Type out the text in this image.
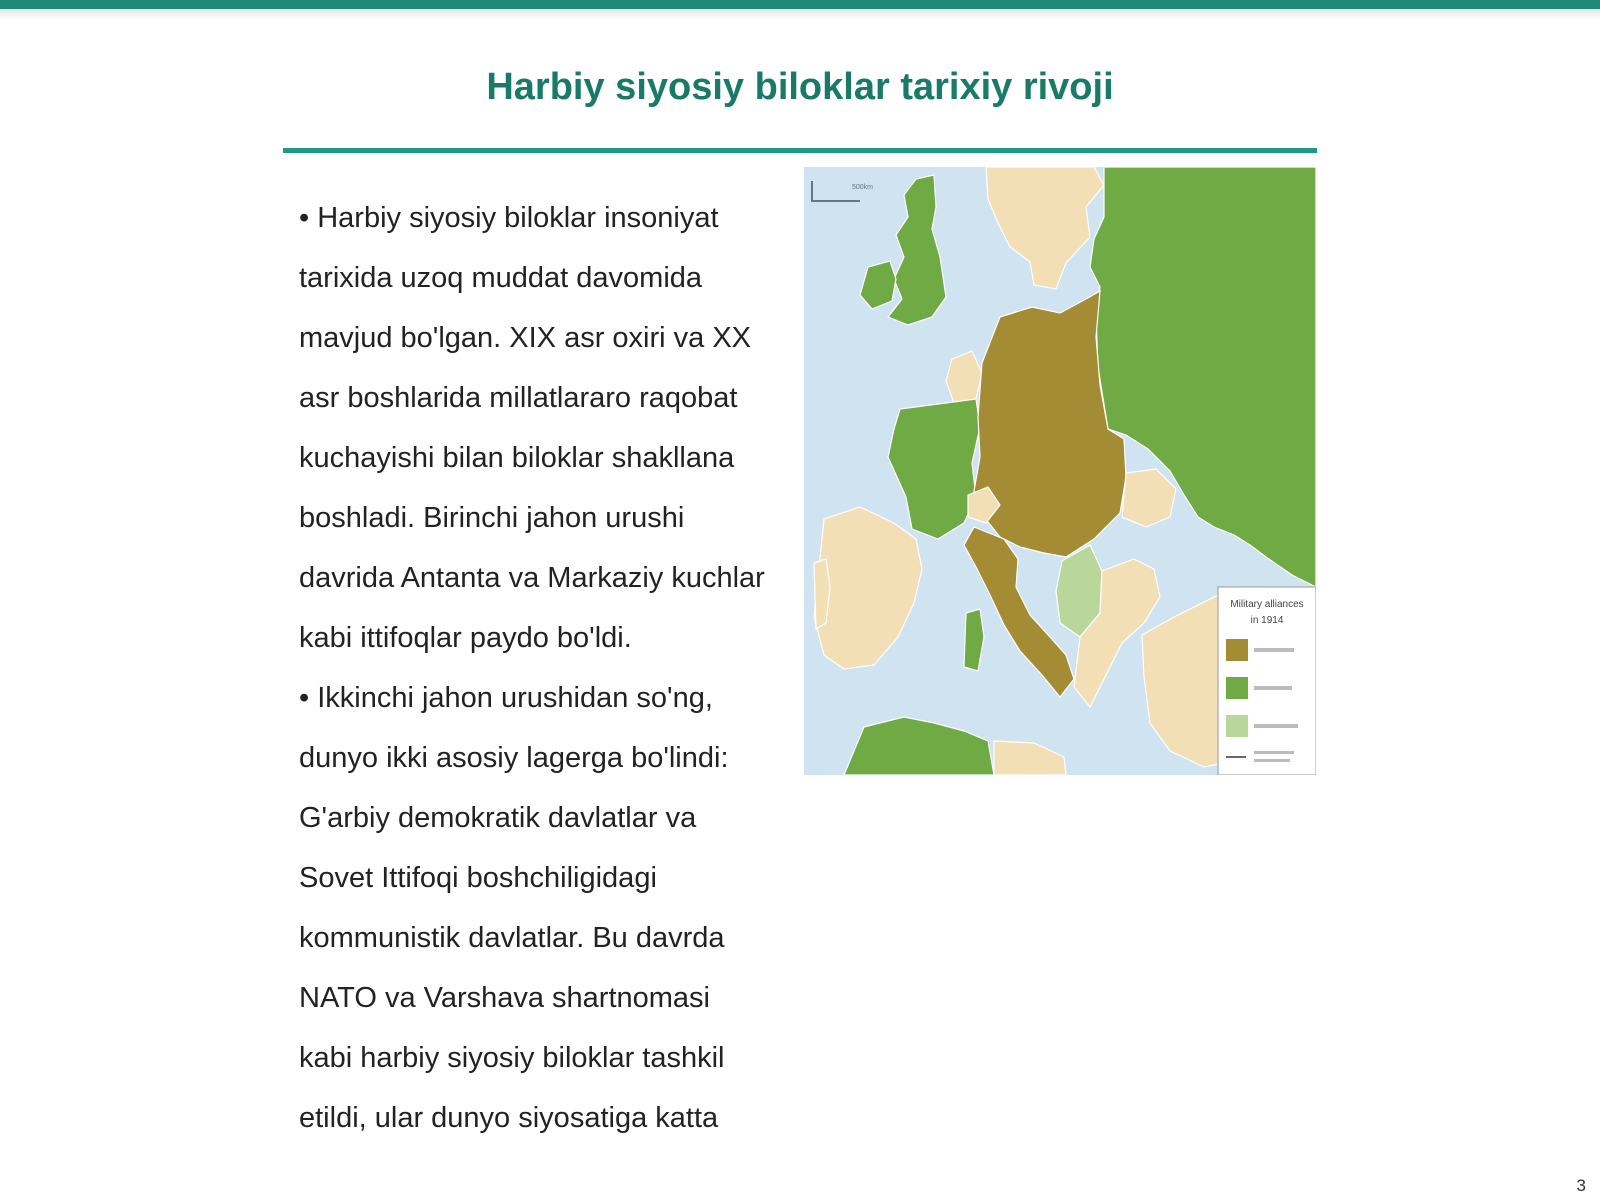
Harbiy siyosiy biloklar tarixiy rivoji

• Harbiy siyosiy biloklar insoniyat tarixida uzoq muddat davomida mavjud bo'lgan. XIX asr oxiri va XX asr boshlarida millatlararo raqobat kuchayishi bilan biloklar shakllana boshladi. Birinchi jahon urushi davrida Antanta va Markaziy kuchlar kabi ittifoqlar paydo bo'ldi.

• Ikkinchi jahon urushidan so'ng, dunyo ikki asosiy lagerga bo'lindi: G'arbiy demokratik davlatlar va Sovet Ittifoqi boshchiligidagi kommunistik davlatlar. Bu davrda NATO va Varshava shartnomasi kabi harbiy siyosiy biloklar tashkil etildi, ular dunyo siyosatiga katta

500km
Military alliances
in 1914
3
